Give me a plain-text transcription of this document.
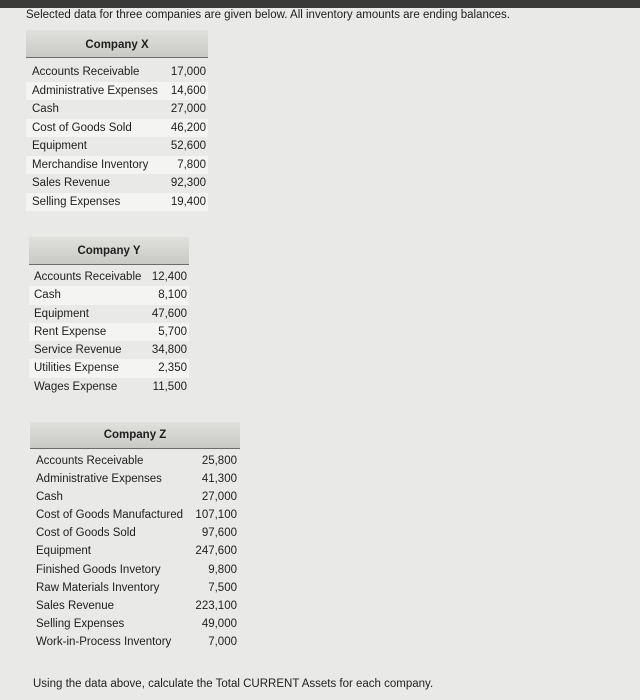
Selected data for three companies are given below. All inventory amounts are ending balances.
Company X
Accounts Receivable	17,000
Administrative Expenses 14,600
Cash	27,000
Cost of Goods Sold	46,200
Equipment	52,600
Merchandise Inventory	7,800
Sales Revenue	92,300
Selling Expenses	19,400
Company Y
Accounts Receivable 12,400
Cash	8,100
Equipment	47,600
Rent Expense	5,700
Service Revenue	34,800
Utilities Expense	2,350
Wages Expense	11,500
Company Z
Accounts Receivable	25,800
Administrative Expenses	41,300
Cash	27,000
Cost of Goods Manufactured 107,100
Cost of Goods Sold	97,600
Equipment	247,600
Finished Goods Invetory	9,800
Raw Materials Inventory	7,500
Sales Revenue	223,100
Selling Expenses	49,000
Work-in-Process Inventory	7,000
Using the data above, calculate the Total CURRENT Assets for each company.
